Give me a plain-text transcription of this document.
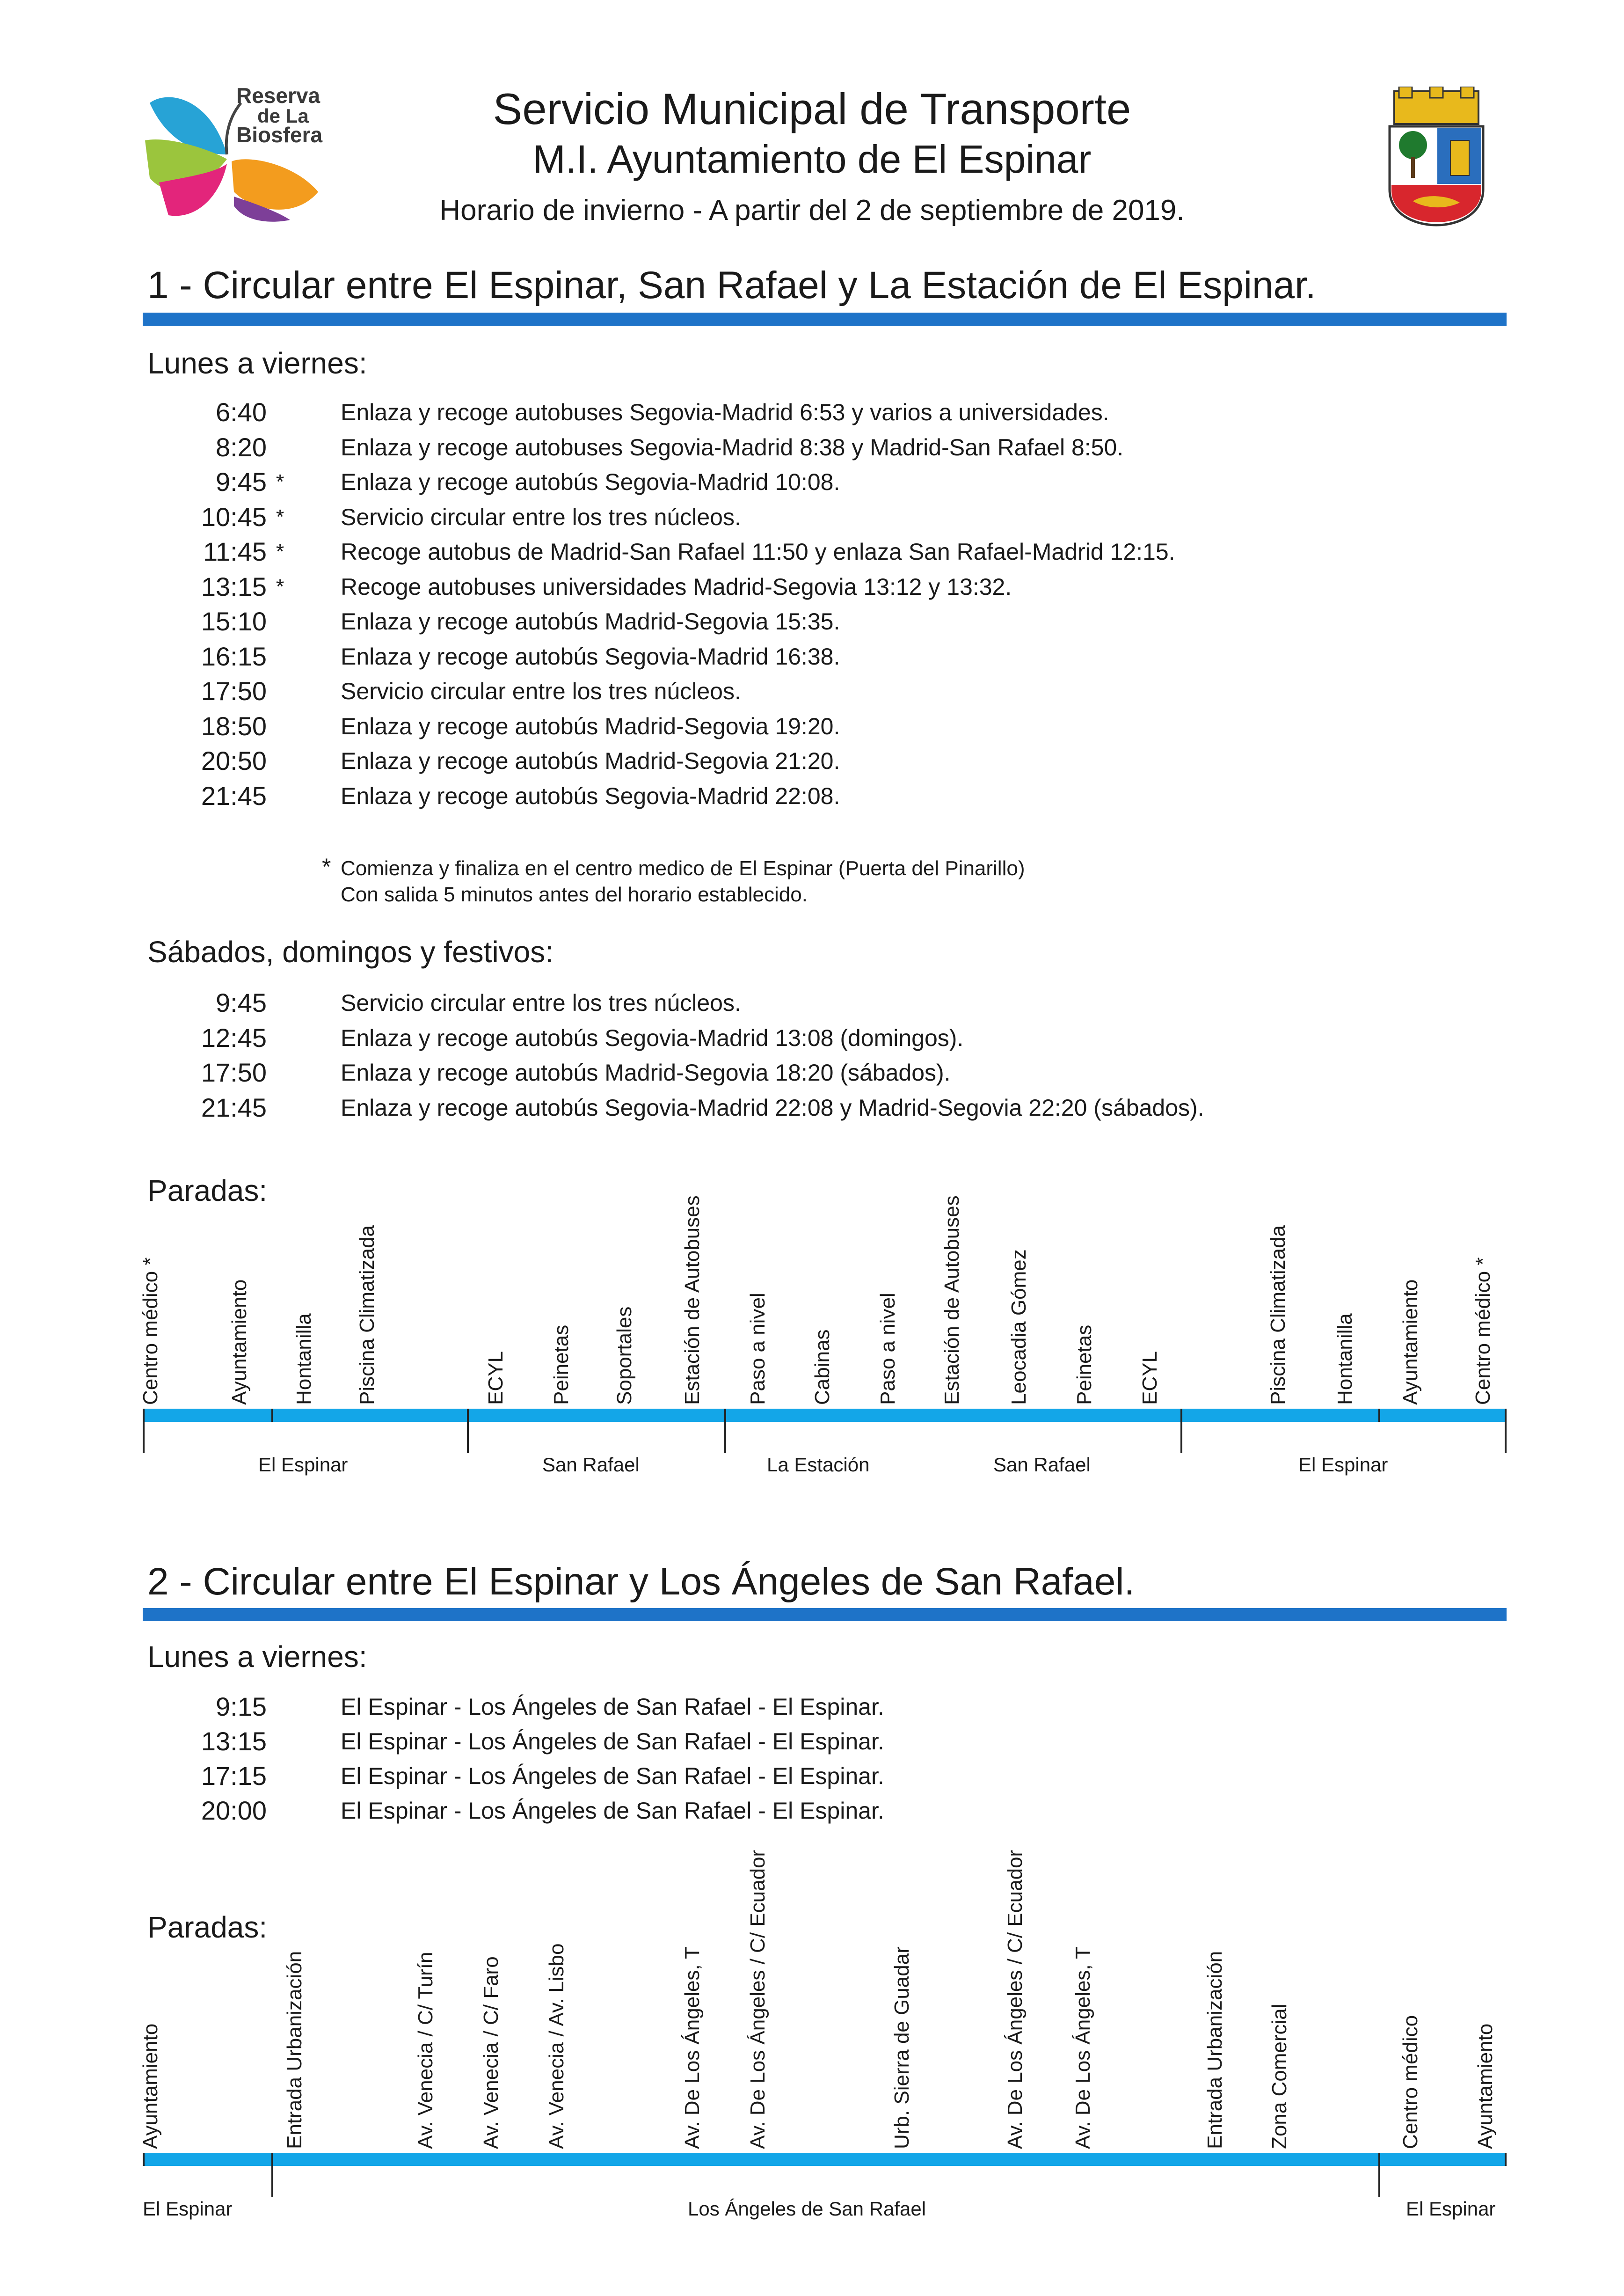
Reserva
de La
Biosfera
Servicio Municipal de Transporte
M.I. Ayuntamiento de El Espinar
Horario de invierno - A partir del 2 de septiembre de 2019.
1 - Circular entre El Espinar, San Rafael y La Estación de El Espinar.
Lunes a viernes:
6:40	Enlaza y recoge autobuses Segovia-Madrid 6:53 y varios a universidades.
8:20	Enlaza y recoge autobuses Segovia-Madrid 8:38 y Madrid-San Rafael 8:50.
9:45 * Enlaza y recoge autobús Segovia-Madrid 10:08.
10:45 * Servicio circular entre los tres núcleos.
11:45 * Recoge autobus de Madrid-San Rafael 11:50 y enlaza San Rafael-Madrid 12:15.
13:15 * Recoge autobuses universidades Madrid-Segovia 13:12 y 13:32.
15:10	Enlaza y recoge autobús Madrid-Segovia 15:35.
16:15	Enlaza y recoge autobús Segovia-Madrid 16:38.
17:50	Servicio circular entre los tres núcleos.
18:50	Enlaza y recoge autobús Madrid-Segovia 19:20.
20:50	Enlaza y recoge autobús Madrid-Segovia 21:20.
21:45	Enlaza y recoge autobús Segovia-Madrid 22:08.
* Comienza y finaliza en el centro medico de El Espinar (Puerta del Pinarillo)
Con salida 5 minutos antes del horario establecido.
Sábados, domingos y festivos:
9:45	Servicio circular entre los tres núcleos.
12:45	Enlaza y recoge autobús Segovia-Madrid 13:08 (domingos).
17:50	Enlaza y recoge autobús Madrid-Segovia 18:20 (sábados).
21:45	Enlaza y recoge autobús Segovia-Madrid 22:08 y Madrid-Segovia 22:20 (sábados).
Paradas:
Centro médico *	Ayuntamiento Hontanilla Piscina Climatizada	ECYL Peinetas Soportales Estación de Autobuses Paso a nivel Cabinas Paso a nivel Estación de Autobuses Leocadia Gómez Peinetas ECYL	Piscina Climatizada Hontanilla Ayuntamiento Centro médico *
El Espinar	San Rafael	La Estación	San Rafael	El Espinar
2 - Circular entre El Espinar y Los Ángeles de San Rafael.
Lunes a viernes:
9:15	El Espinar - Los Ángeles de San Rafael - El Espinar.
13:15	El Espinar - Los Ángeles de San Rafael - El Espinar.
17:15	El Espinar - Los Ángeles de San Rafael - El Espinar.
20:00	El Espinar - Los Ángeles de San Rafael - El Espinar.
Paradas:
Ayuntamiento	Entrada Urbanización	Av. Venecia / C/ Turín Av. Venecia / C/ Faro Av. Venecia / Av. Lisbo	Av. De Los Ángeles, T Av. De Los Ángeles / C/ Ecuador	Urb. Sierra de Guadar	Av. De Los Ángeles / C/ Ecuador Av. De Los Ángeles, T	Entrada Urbanización Zona Comercial	Centro médico	Ayuntamiento
El Espinar	Los Ángeles de San Rafael	El Espinar
